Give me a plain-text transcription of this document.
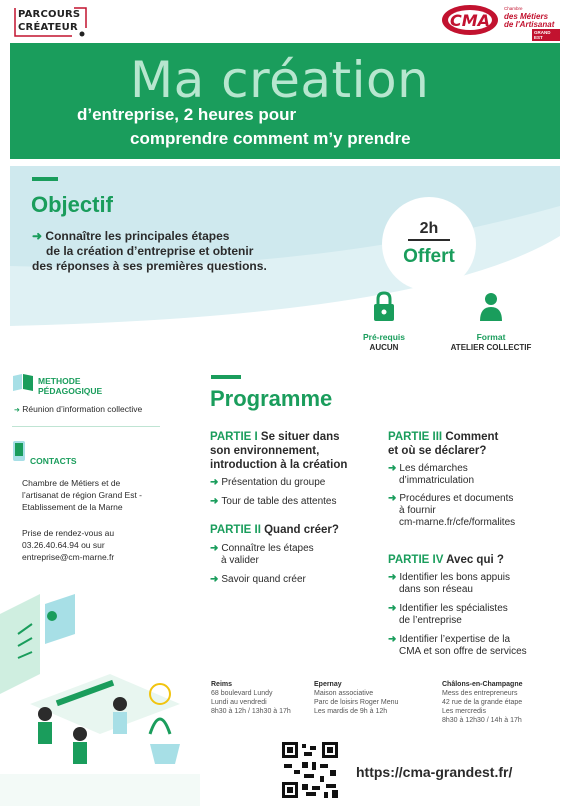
PARCOURS
CRÉATEUR	CMA
Chambre
des Métiers
de l'Artisanat
GRAND EST
Ma création
d’entreprise, 2 heures pour
comprendre comment m’y prendre
Objectif
➜ Connaître les principales étapes
de la création d’entreprise et obtenir
des réponses à ses premières questions.
2h
Offert
Pré-requis
AUCUN
Format
ATELIER COLLECTIF
METHODE
PÉDAGOGIQUE
➜ Réunion d’information collective
CONTACTS
Chambre de Métiers et de
l’artisanat de région Grand Est -
Etablissement de la Marne
Prise de rendez-vous au
03.26.40.64.94 ou sur
entreprise@cm-marne.fr
Programme
PARTIE I Se situer dans
son environnement,
introduction à la création
➜ Présentation du groupe
➜ Tour de table des attentes
PARTIE II Quand créer?
➜ Connaître les étapes
à valider
➜ Savoir quand créer
PARTIE III Comment
et où se déclarer?
➜ Les démarches
d’immatriculation
➜ Procédures et documents
à fournir
cm-marne.fr/cfe/formalites
PARTIE IV Avec qui ?
➜ Identifier les bons appuis
dans son réseau
➜ Identifier les spécialistes
de l’entreprise
➜ Identifier l’expertise de la
CMA et son offre de services
Reims
68 boulevard Lundy
Lundi au vendredi
8h30 à 12h / 13h30 à 17h
Epernay
Maison associative
Parc de loisirs Roger Menu
Les mardis de 9h à 12h
Châlons-en-Champagne
Mess des entrepreneurs
42 rue de la grande étape
Les mercredis
8h30 à 12h30 / 14h à 17h
https://cma-grandest.fr/
